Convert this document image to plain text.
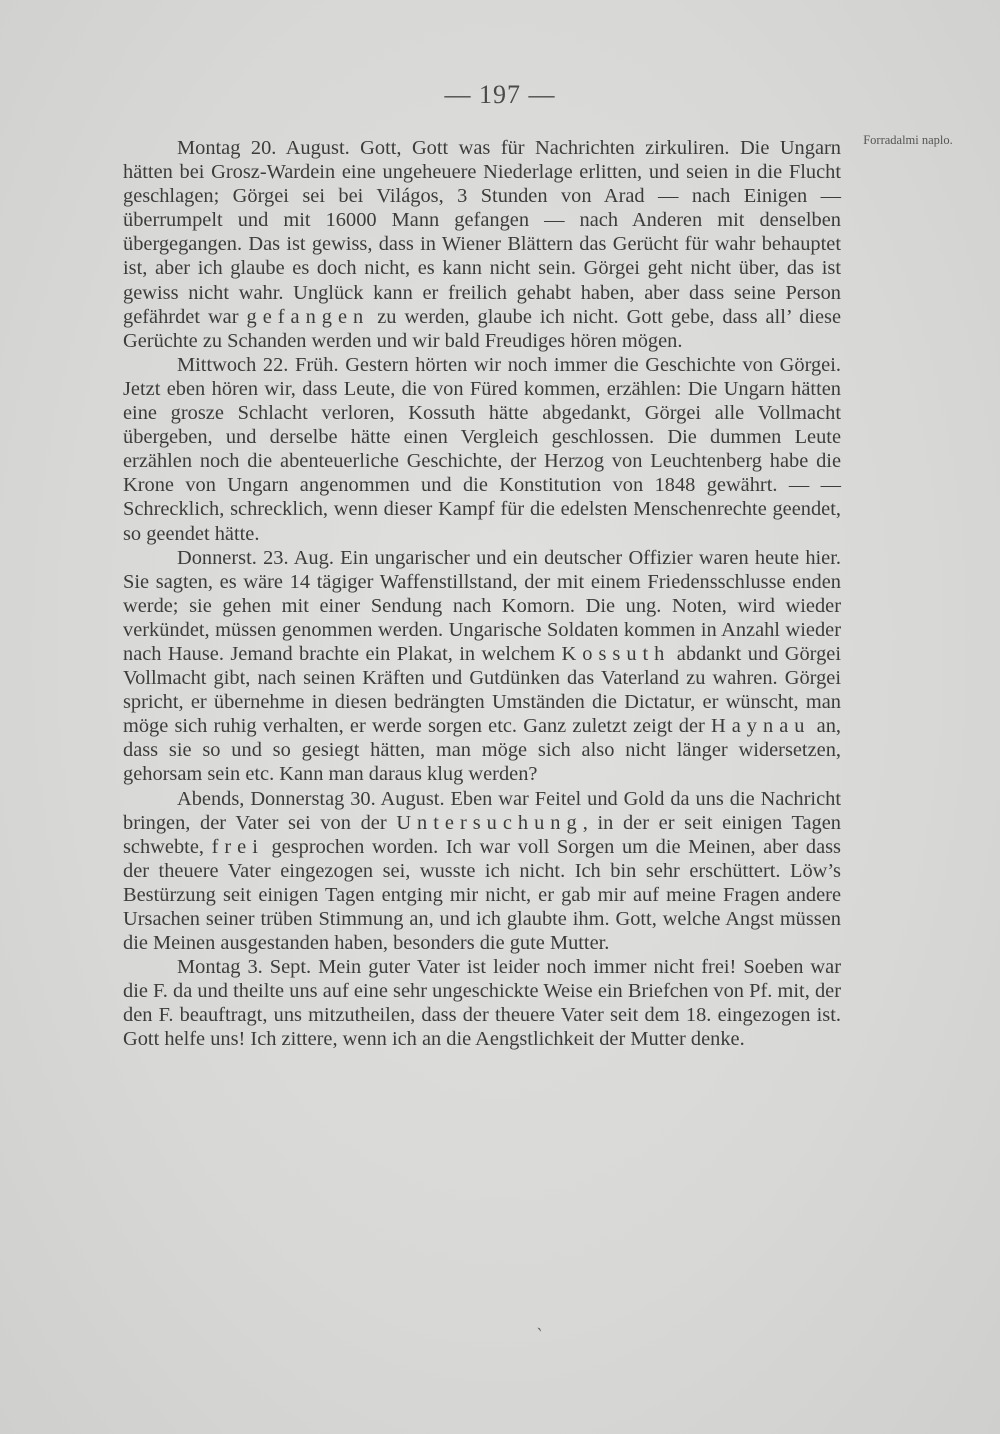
— 197 —
Forradalmi naplo.

Montag 20. August. Gott, Gott was für Nachrichten zirkuliren. Die Ungarn hätten bei Grosz-Wardein eine ungeheuere Niederlage erlitten, und seien in die Flucht geschlagen; Görgei sei bei Világos, 3 Stunden von Arad — nach Einigen — überrumpelt und mit 16000 Mann gefangen — nach Anderen mit denselben übergegangen. Das ist gewiss, dass in Wiener Blättern das Gerücht für wahr behauptet ist, aber ich glaube es doch nicht, es kann nicht sein. Görgei geht nicht über, das ist gewiss nicht wahr. Unglück kann er freilich gehabt haben, aber dass seine Person gefährdet war gefangen zu werden, glaube ich nicht. Gott gebe, dass all’ diese Gerüchte zu Schanden werden und wir bald Freudiges hören mögen.

Mittwoch 22. Früh. Gestern hörten wir noch immer die Geschichte von Görgei. Jetzt eben hören wir, dass Leute, die von Füred kommen, erzählen: Die Ungarn hätten eine grosze Schlacht verloren, Kossuth hätte abgedankt, Görgei alle Vollmacht übergeben, und derselbe hätte einen Vergleich geschlossen. Die dummen Leute erzählen noch die abenteuerliche Geschichte, der Herzog von Leuchtenberg habe die Krone von Ungarn angenommen und die Konstitution von 1848 gewährt. — — Schrecklich, schrecklich, wenn dieser Kampf für die edelsten Menschenrechte geendet, so geendet hätte.

Donnerst. 23. Aug. Ein ungarischer und ein deutscher Offizier waren heute hier. Sie sagten, es wäre 14 tägiger Waffenstillstand, der mit einem Friedensschlusse enden werde; sie gehen mit einer Sendung nach Komorn. Die ung. Noten, wird wieder verkündet, müssen genommen werden. Ungarische Soldaten kommen in Anzahl wieder nach Hause. Jemand brachte ein Plakat, in welchem Kossuth abdankt und Görgei Vollmacht gibt, nach seinen Kräften und Gutdünken das Vaterland zu wahren. Görgei spricht, er übernehme in diesen bedrängten Umständen die Dictatur, er wünscht, man möge sich ruhig verhalten, er werde sorgen etc. Ganz zuletzt zeigt der Haynau an, dass sie so und so gesiegt hätten, man möge sich also nicht länger widersetzen, gehorsam sein etc. Kann man daraus klug werden?

Abends, Donnerstag 30. August. Eben war Feitel und Gold da uns die Nachricht bringen, der Vater sei von der Untersuchung, in der er seit einigen Tagen schwebte, frei gesprochen worden. Ich war voll Sorgen um die Meinen, aber dass der theuere Vater eingezogen sei, wusste ich nicht. Ich bin sehr erschüttert. Löw’s Bestürzung seit einigen Tagen entging mir nicht, er gab mir auf meine Fragen andere Ursachen seiner trüben Stimmung an, und ich glaubte ihm. Gott, welche Angst müssen die Meinen ausgestanden haben, besonders die gute Mutter.

Montag 3. Sept. Mein guter Vater ist leider noch immer nicht frei! Soeben war die F. da und theilte uns auf eine sehr ungeschickte Weise ein Briefchen von Pf. mit, der den F. beauftragt, uns mitzutheilen, dass der theuere Vater seit dem 18. eingezogen ist. Gott helfe uns! Ich zittere, wenn ich an die Aengstlichkeit der Mutter denke.

ˎ
